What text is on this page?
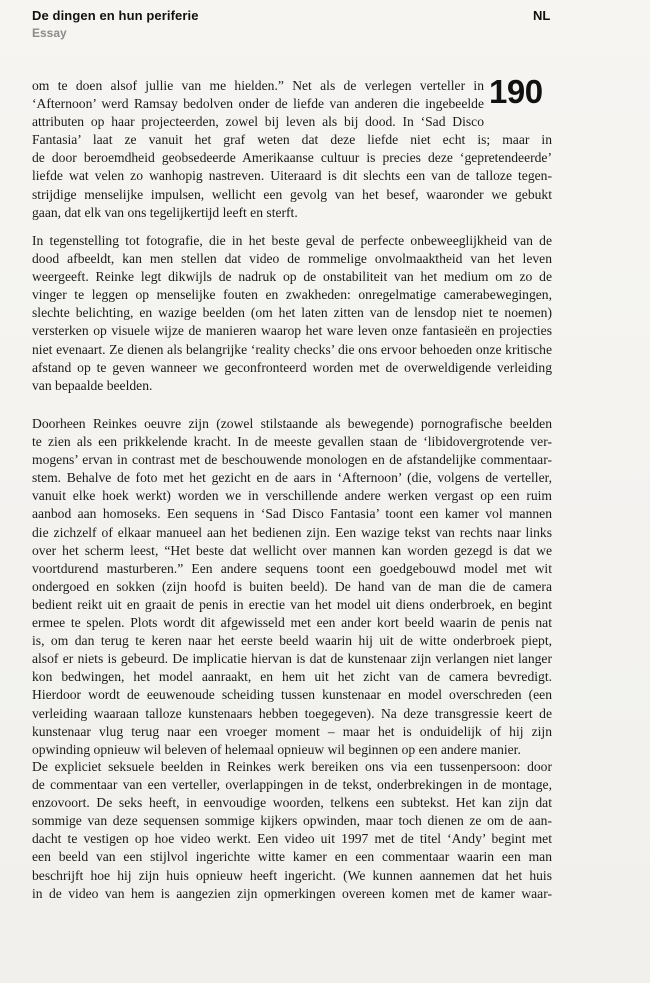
De dingen en hun periferie
Essay
NL
190
om te doen alsof jullie van me hielden.” Net als de verlegen verteller in
‘Afternoon’ werd Ramsay bedolven onder de liefde van anderen die ingebeelde
attributen op haar projecteerden, zowel bij leven als bij dood. In ‘Sad Disco
Fantasia’ laat ze vanuit het graf weten dat deze liefde niet echt is; maar in
de door beroemdheid geobsedeerde Amerikaanse cultuur is precies deze ‘gepretendeerde’
liefde wat velen zo wanhopig nastreven. Uiteraard is dit slechts een van de talloze tegen-
strijdige menselijke impulsen, wellicht een gevolg van het besef, waaronder we gebukt
gaan, dat elk van ons tegelijkertijd leeft en sterft.
In tegenstelling tot fotografie, die in het beste geval de perfecte onbeweeglijkheid van de
dood afbeeldt, kan men stellen dat video de rommelige onvolmaaktheid van het leven
weergeeft. Reinke legt dikwijls de nadruk op de onstabiliteit van het medium om zo de
vinger te leggen op menselijke fouten en zwakheden: onregelmatige camerabewegingen,
slechte belichting, en wazige beelden (om het laten zitten van de lensdop niet te noemen)
versterken op visuele wijze de manieren waarop het ware leven onze fantasieën en projecties
niet evenaart. Ze dienen als belangrijke ‘reality checks’ die ons ervoor behoeden onze kritische
afstand op te geven wanneer we geconfronteerd worden met de overweldigende verleiding
van bepaalde beelden.
Doorheen Reinkes oeuvre zijn (zowel stilstaande als bewegende) pornografische beelden
te zien als een prikkelende kracht. In de meeste gevallen staan de ‘libidovergrotende ver-
mogens’ ervan in contrast met de beschouwende monologen en de afstandelijke commentaar-
stem. Behalve de foto met het gezicht en de aars in ‘Afternoon’ (die, volgens de verteller,
vanuit elke hoek werkt) worden we in verschillende andere werken vergast op een ruim
aanbod aan homoseks. Een sequens in ‘Sad Disco Fantasia’ toont een kamer vol mannen
die zichzelf of elkaar manueel aan het bedienen zijn. Een wazige tekst van rechts naar links
over het scherm leest, “Het beste dat wellicht over mannen kan worden gezegd is dat we
voortdurend masturberen.” Een andere sequens toont een goedgebouwd model met wit
ondergoed en sokken (zijn hoofd is buiten beeld). De hand van de man die de camera
bedient reikt uit en graait de penis in erectie van het model uit diens onderbroek, en begint
ermee te spelen. Plots wordt dit afgewisseld met een ander kort beeld waarin de penis nat
is, om dan terug te keren naar het eerste beeld waarin hij uit de witte onderbroek piept,
alsof er niets is gebeurd. De implicatie hiervan is dat de kunstenaar zijn verlangen niet langer
kon bedwingen, het model aanraakt, en hem uit het zicht van de camera bevredigt.
Hierdoor wordt de eeuwenoude scheiding tussen kunstenaar en model overschreden (een
verleiding waaraan talloze kunstenaars hebben toegegeven). Na deze transgressie keert de
kunstenaar vlug terug naar een vroeger moment – maar het is onduidelijk of hij zijn
opwinding opnieuw wil beleven of helemaal opnieuw wil beginnen op een andere manier.
De expliciet seksuele beelden in Reinkes werk bereiken ons via een tussenpersoon: door
de commentaar van een verteller, overlappingen in de tekst, onderbrekingen in de montage,
enzovoort. De seks heeft, in eenvoudige woorden, telkens een subtekst. Het kan zijn dat
sommige van deze sequensen sommige kijkers opwinden, maar toch dienen ze om de aan-
dacht te vestigen op hoe video werkt. Een video uit 1997 met de titel ‘Andy’ begint met
een beeld van een stijlvol ingerichte witte kamer en een commentaar waarin een man
beschrijft hoe hij zijn huis opnieuw heeft ingericht. (We kunnen aannemen dat het huis
in de video van hem is aangezien zijn opmerkingen overeen komen met de kamer waar-
